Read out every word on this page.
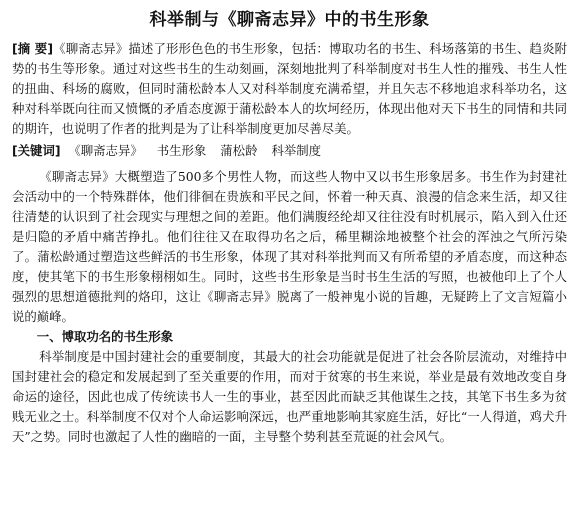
科举制与《聊斋志异》中的书生形象

[摘 要]《聊斋志异》描述了形形色色的书生形象，包括：博取功名的书生、科场落第的书生、趋炎附势的书生等形象。通过对这些书生的生动刻画，深刻地批判了科举制度对书生人性的摧残、书生人性的扭曲、科场的腐败，但同时蒲松龄本人又对科举制度充满希望，并且矢志不移地追求科举功名，这种对科举既向往而又愤慨的矛盾态度源于蒲松龄本人的坎坷经历，体现出他对天下书生的同情和共同的期许，也说明了作者的批判是为了让科举制度更加尽善尽美。

[关键词] 《聊斋志异》 书生形象 蒲松龄 科举制度

《聊斋志异》大概塑造了500多个男性人物，而这些人物中又以书生形象居多。书生作为封建社会活动中的一个特殊群体，他们徘徊在贵族和平民之间，怀着一种天真、浪漫的信念来生活，却又往往清楚的认识到了社会现实与理想之间的差距。他们满腹经纶却又往往没有时机展示，陷入到入仕还是归隐的矛盾中痛苦挣扎。他们往往又在取得功名之后，稀里糊涂地被整个社会的浑浊之气所污染了。蒲松龄通过塑造这些鲜活的书生形象，体现了其对科举批判而又有所希望的矛盾态度，而这种态度，使其笔下的书生形象栩栩如生。同时，这些书生形象是当时书生生活的写照，也被他印上了个人强烈的思想道德批判的烙印，这让《聊斋志异》脱离了一般神鬼小说的旨趣，无疑跨上了文言短篇小说的巅峰。

一、博取功名的书生形象

科举制度是中国封建社会的重要制度，其最大的社会功能就是促进了社会各阶层流动，对维持中国封建社会的稳定和发展起到了至关重要的作用，而对于贫寒的书生来说，举业是最有效地改变自身命运的途径，因此也成了传统读书人一生的事业，甚至因此而缺乏其他谋生之技，其笔下书生多为贫贱无业之士。科举制度不仅对个人命运影响深远，也严重地影响其家庭生活，好比“一人得道，鸡犬升天”之势。同时也激起了人性的幽暗的一面，主导整个势利甚至荒诞的社会风气。
